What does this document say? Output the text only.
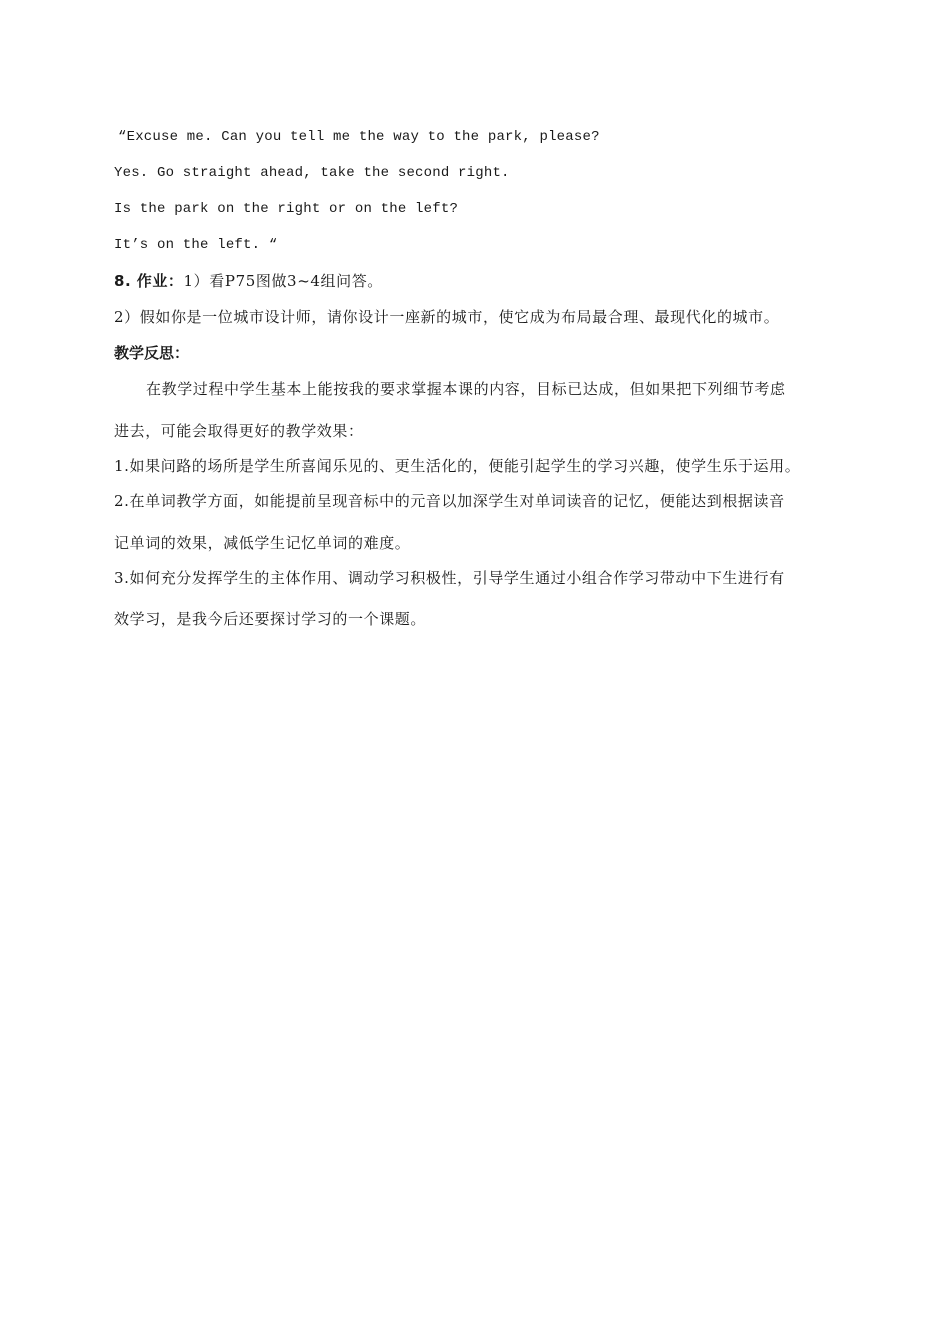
“Excuse me. Can you tell me the way to the park, please?
Yes. Go straight ahead, take the second right.
Is the park on the right or on the left?
It’s on the left. “
8. 作业：1）看P75图做3~4组问答。
2）假如你是一位城市设计师，请你设计一座新的城市，使它成为布局最合理、最现代化的城市。
教学反思：
在教学过程中学生基本上能按我的要求掌握本课的内容，目标已达成，但如果把下列细节考虑
进去，可能会取得更好的教学效果：
1.如果问路的场所是学生所喜闻乐见的、更生活化的，便能引起学生的学习兴趣，使学生乐于运用。
2.在单词教学方面，如能提前呈现音标中的元音以加深学生对单词读音的记忆，便能达到根据读音
记单词的效果，减低学生记忆单词的难度。
3.如何充分发挥学生的主体作用、调动学习积极性，引导学生通过小组合作学习带动中下生进行有
效学习，是我今后还要探讨学习的一个课题。
